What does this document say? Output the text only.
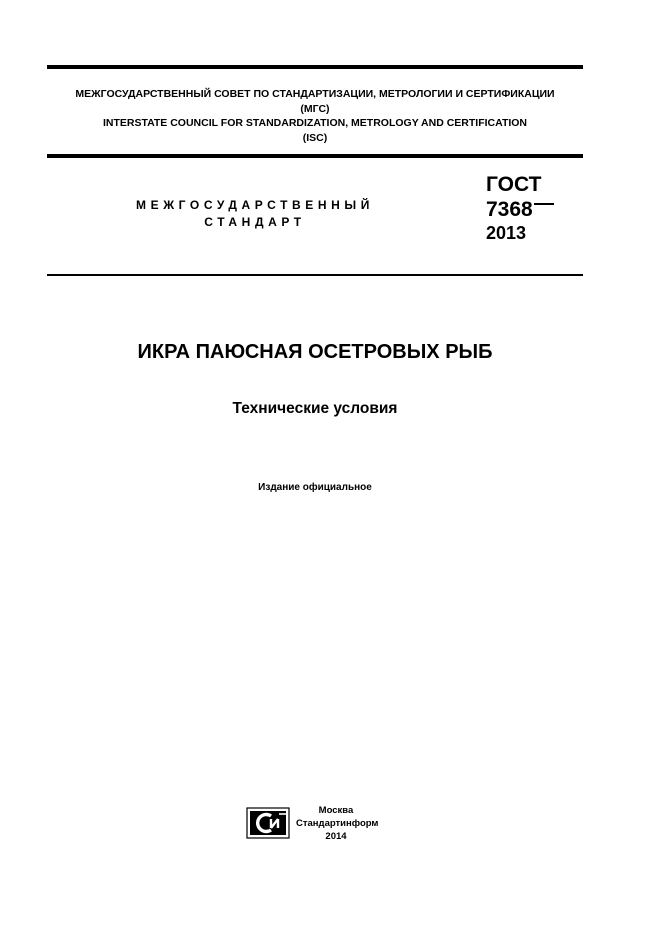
МЕЖГОСУДАРСТВЕННЫЙ СОВЕТ ПО СТАНДАРТИЗАЦИИ, МЕТРОЛОГИИ И СЕРТИФИКАЦИИ
(МГС)
INTERSTATE COUNCIL FOR STANDARDIZATION, METROLOGY AND CERTIFICATION
(ISC)
МЕЖГОСУДАРСТВЕННЫЙ
СТАНДАРТ
ГОСТ
7368
2013
ИКРА ПАЮСНАЯ ОСЕТРОВЫХ РЫБ
Технические условия
Издание официальное
Москва
Стандартинформ
2014
